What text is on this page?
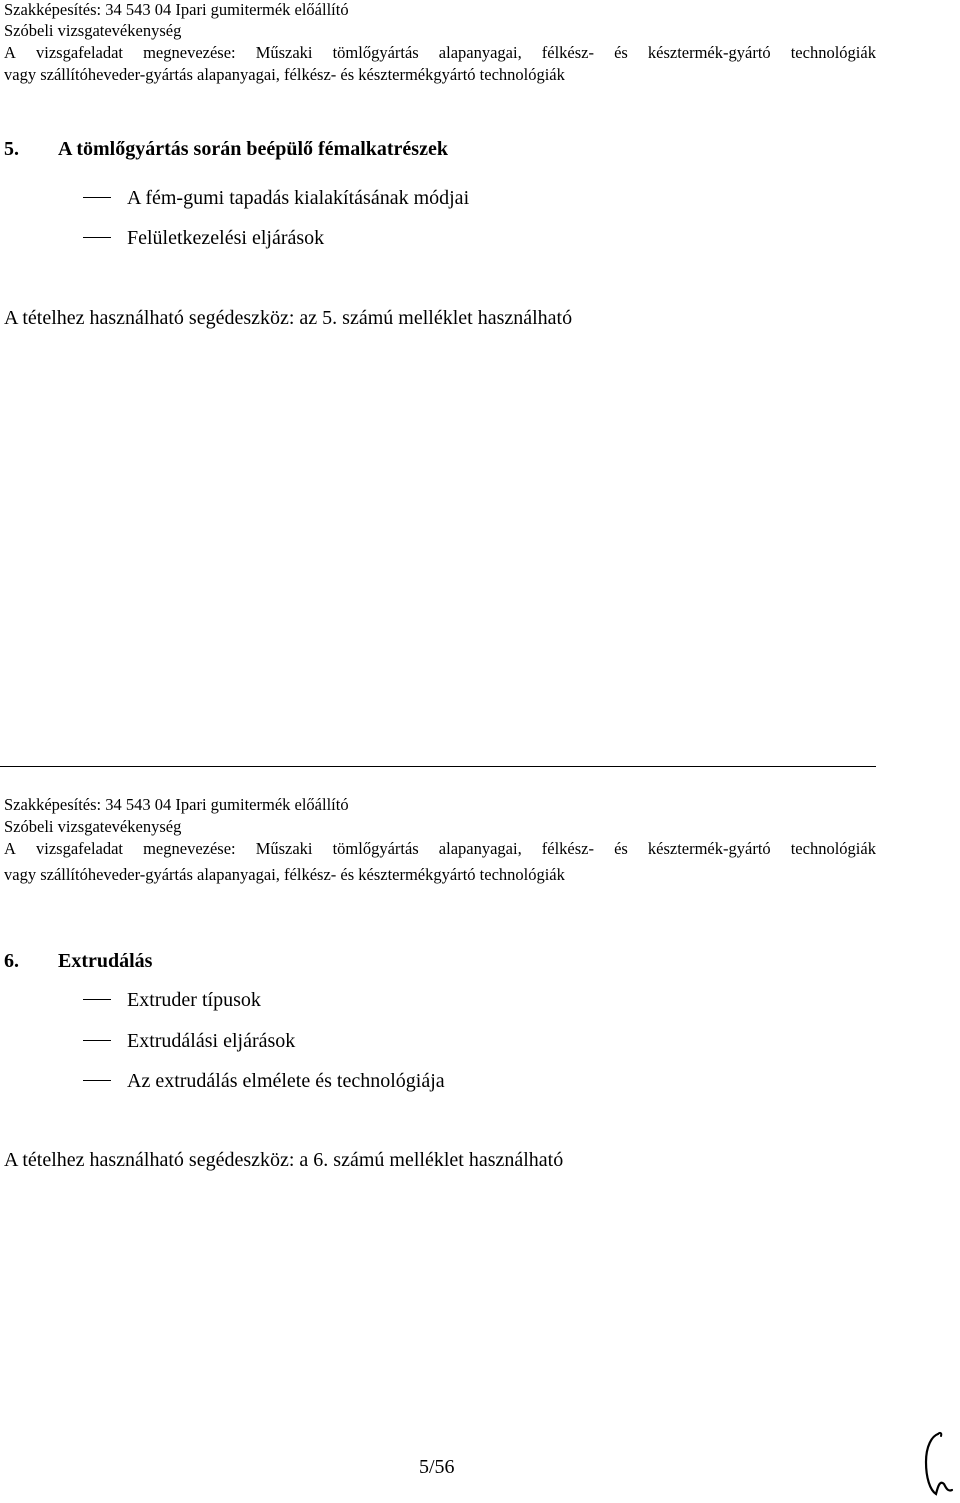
Szakképesítés: 34 543 04 Ipari gumitermék előállító
Szóbeli vizsgatevékenység
A vizsgafeladat megnevezése: Műszaki tömlőgyártás alapanyagai, félkész- és késztermék-gyártó technológiák
vagy szállítóheveder-gyártás alapanyagai, félkész- és késztermékgyártó technológiák
5. A tömlőgyártás során beépülő fémalkatrészek
A fém-gumi tapadás kialakításának módjai
Felületkezelési eljárások
A tételhez használható segédeszköz: az 5. számú melléklet használható
Szakképesítés: 34 543 04 Ipari gumitermék előállító
Szóbeli vizsgatevékenység
A vizsgafeladat megnevezése: Műszaki tömlőgyártás alapanyagai, félkész- és késztermék-gyártó technológiák
vagy szállítóheveder-gyártás alapanyagai, félkész- és késztermékgyártó technológiák
6. Extrudálás
Extruder típusok
Extrudálási eljárások
Az extrudálás elmélete és technológiája
A tételhez használható segédeszköz: a 6. számú melléklet használható
5/56
